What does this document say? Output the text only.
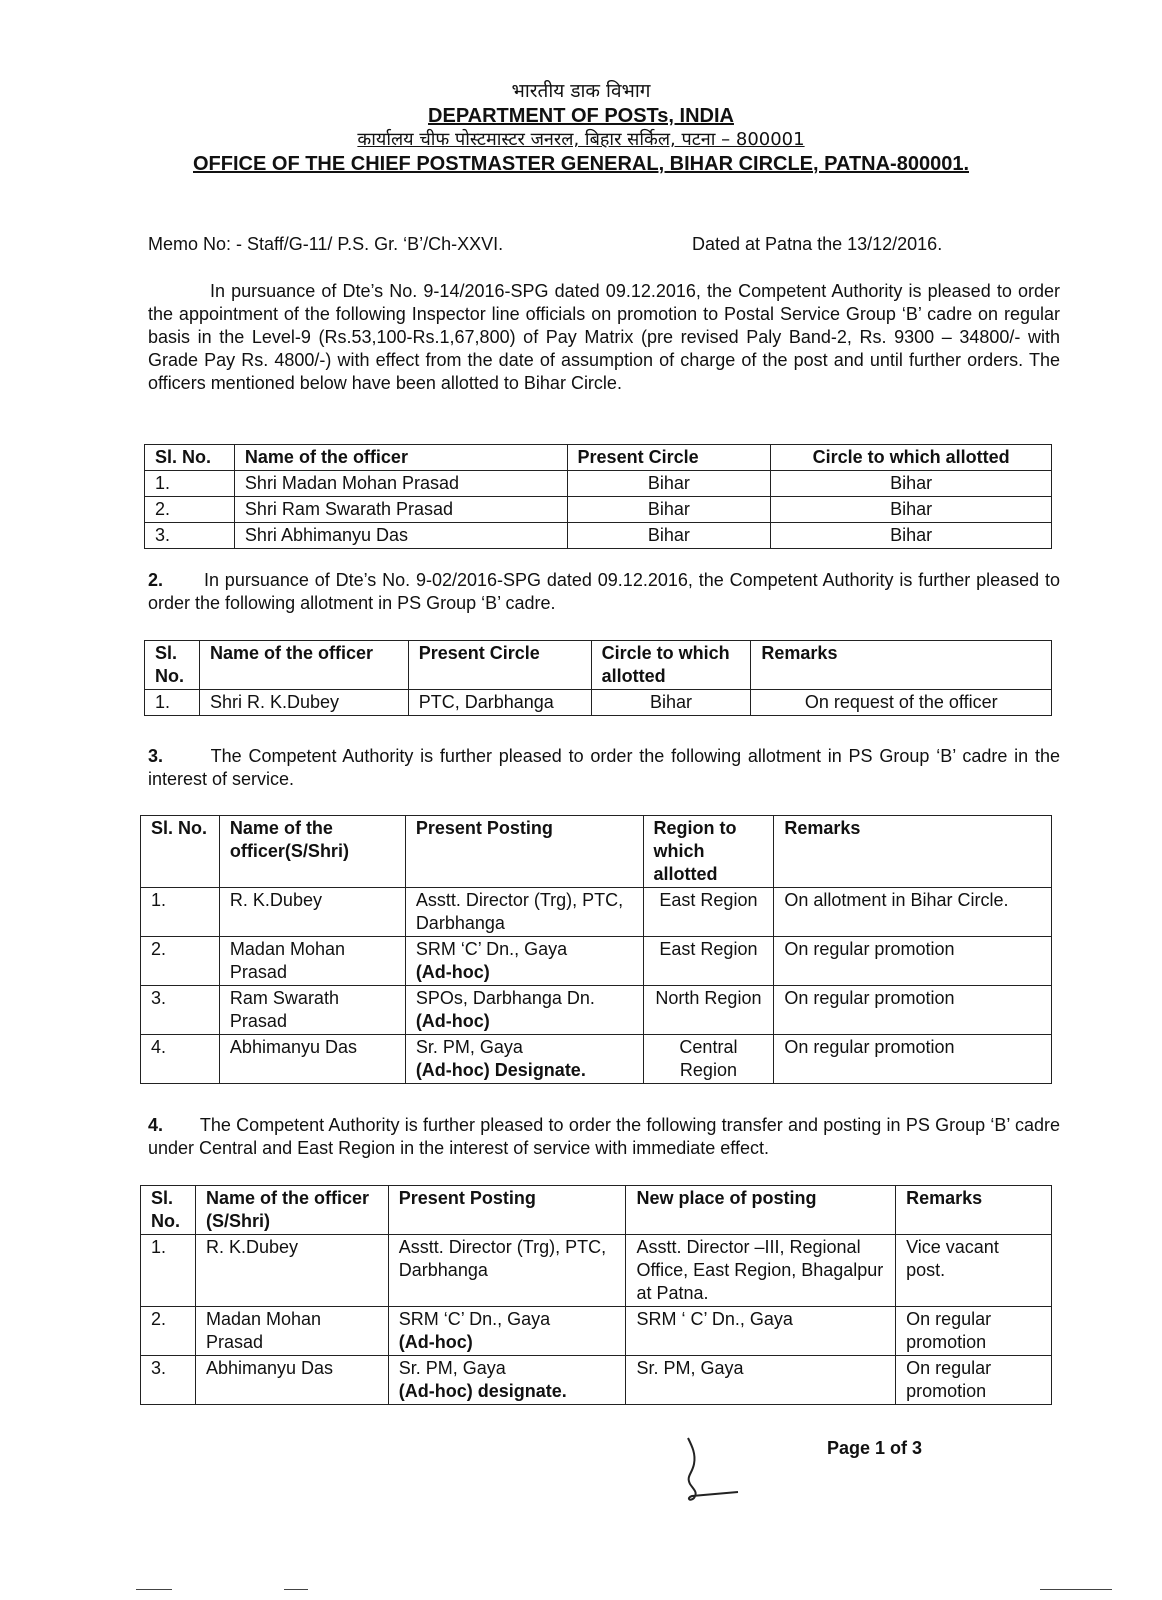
भारतीय डाक विभाग
DEPARTMENT OF POSTs, INDIA
कार्यालय चीफ पोस्टमास्टर जनरल, बिहार सर्किल, पटना – 800001
OFFICE OF THE CHIEF POSTMASTER GENERAL, BIHAR CIRCLE, PATNA-800001.
Memo No: - Staff/G-11/ P.S. Gr. ‘B’/Ch-XXVI.	Dated at Patna the 13/12/2016.

In pursuance of Dte’s No. 9-14/2016-SPG dated 09.12.2016, the Competent Authority is pleased to order the appointment of the following Inspector line officials on promotion to Postal Service Group ‘B’ cadre on regular basis in the Level-9 (Rs.53,100-Rs.1,67,800) of Pay Matrix (pre revised Paly Band-2, Rs. 9300 – 34800/- with Grade Pay Rs. 4800/-) with effect from the date of assumption of charge of the post and until further orders. The officers mentioned below have been allotted to Bihar Circle.

Sl. No.	Name of the officer	Present Circle	Circle to which allotted
1.	Shri Madan Mohan Prasad	Bihar	Bihar
2.	Shri Ram Swarath Prasad	Bihar	Bihar
3.	Shri Abhimanyu Das	Bihar	Bihar

2. In pursuance of Dte’s No. 9-02/2016-SPG dated 09.12.2016, the Competent Authority is further pleased to order the following allotment in PS Group ‘B’ cadre.

Sl. No.	Name of the officer	Present Circle	Circle to which allotted	Remarks
1.	Shri R. K.Dubey	PTC, Darbhanga	Bihar	On request of the officer

3.	The Competent Authority is further pleased to order the following allotment in PS Group ‘B’ cadre in the interest of service.

Sl. No.	Name of the officer(S/Shri)	Present Posting	Region to which allotted	Remarks
1.	R. K.Dubey	Asstt. Director (Trg), PTC, Darbhanga	East Region	On allotment in Bihar Circle.
2.	Madan Mohan Prasad	SRM ‘C’ Dn., Gaya
(Ad-hoc)	East Region	On regular promotion
3.	Ram Swarath Prasad	SPOs, Darbhanga Dn.
(Ad-hoc)	North Region	On regular promotion
4.	Abhimanyu Das	Sr. PM, Gaya
(Ad-hoc) Designate.	Central Region	On regular promotion

4. The Competent Authority is further pleased to order the following transfer and posting in PS Group ‘B’ cadre under Central and East Region in the interest of service with immediate effect.

Sl. No.	Name of the officer (S/Shri)	Present Posting	New place of posting	Remarks
1.	R. K.Dubey	Asstt. Director (Trg), PTC, Darbhanga	Asstt. Director –III, Regional Office, East Region, Bhagalpur at Patna.	Vice vacant post.
2.	Madan Mohan Prasad	SRM ‘C’ Dn., Gaya
(Ad-hoc)	SRM ‘ C’ Dn., Gaya	On regular promotion
3.	Abhimanyu Das	Sr. PM, Gaya
(Ad-hoc) designate.	Sr. PM, Gaya	On regular promotion
Page 1 of 3
